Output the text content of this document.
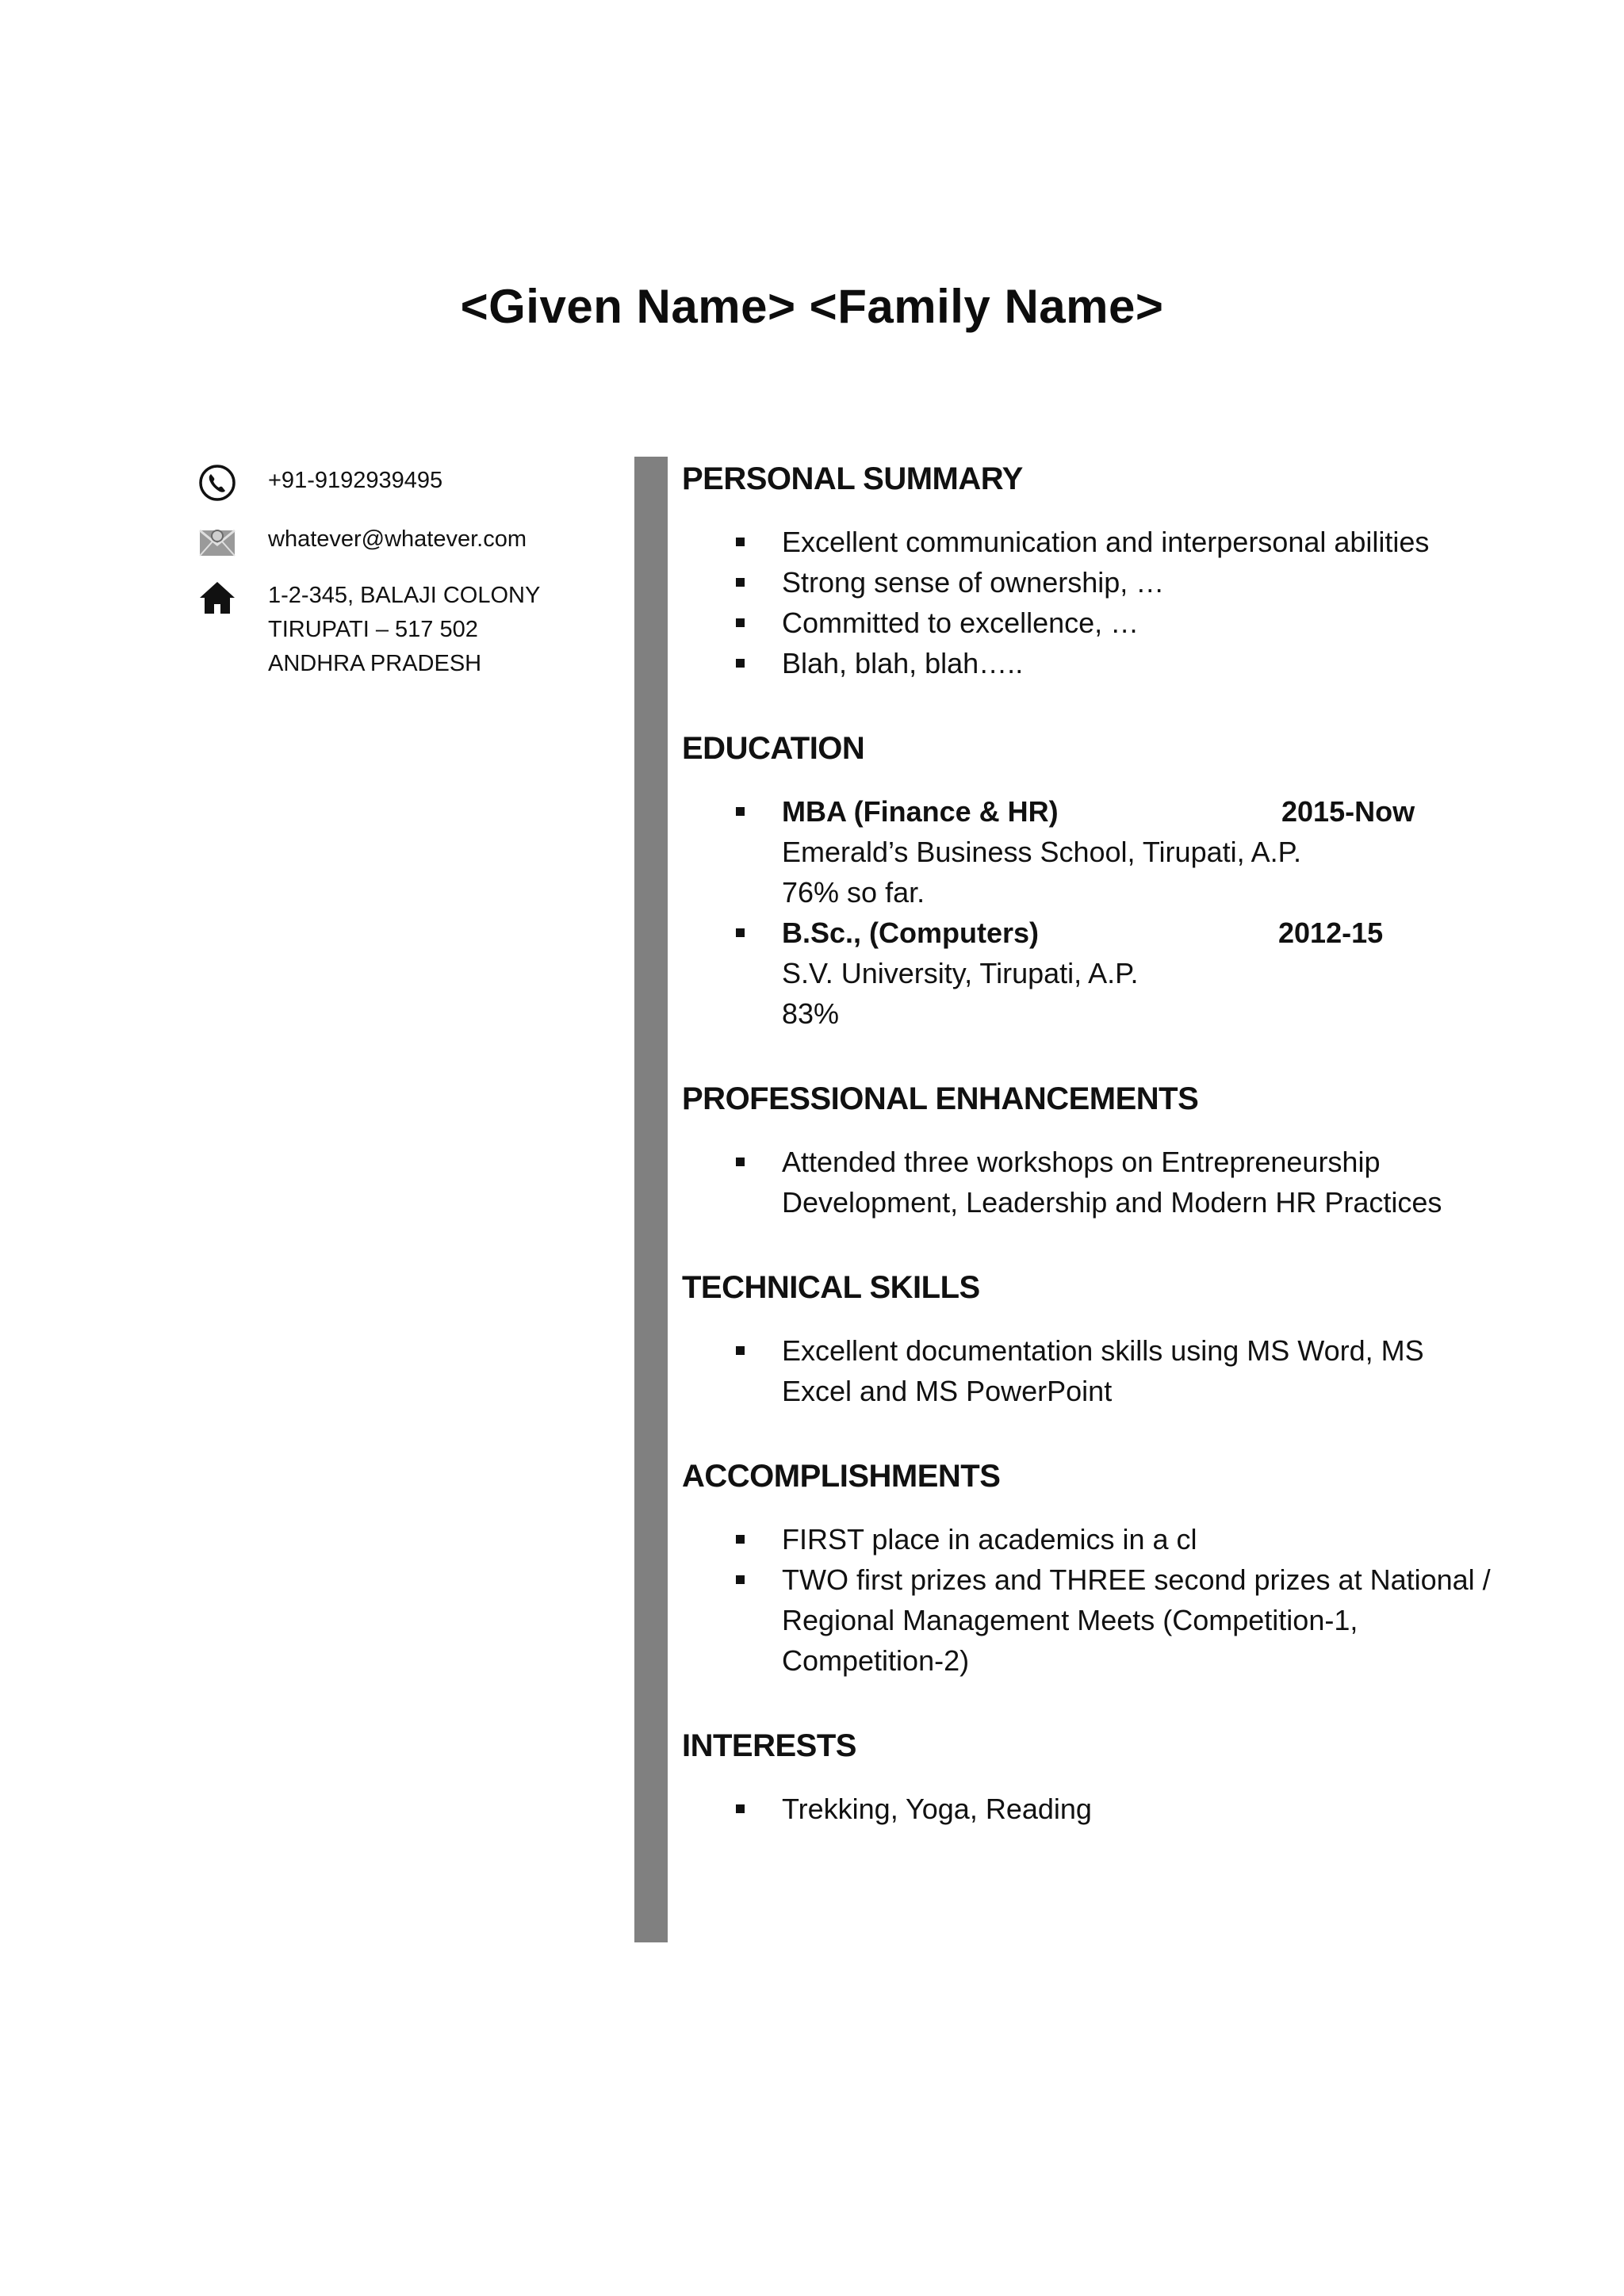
<Given Name> <Family Name>
+91-9192939495
whatever@whatever.com
1-2-345, BALAJI COLONY
TIRUPATI – 517 502
ANDHRA PRADESH
PERSONAL SUMMARY
Excellent communication and interpersonal abilities
Strong sense of ownership, …
Committed to excellence, …
Blah, blah, blah…..
EDUCATION
MBA (Finance & HR)	2015-Now
Emerald’s Business School, Tirupati, A.P.
76% so far.
B.Sc., (Computers)	2012-15
S.V. University, Tirupati, A.P.
83%
PROFESSIONAL ENHANCEMENTS
Attended three workshops on Entrepreneurship Development, Leadership and Modern HR Practices
TECHNICAL SKILLS
Excellent documentation skills using MS Word, MS Excel and MS PowerPoint
ACCOMPLISHMENTS
FIRST place in academics in a cl
TWO first prizes and THREE second prizes at National / Regional Management Meets (Competition-1, Competition-2)
INTERESTS
Trekking, Yoga, Reading
